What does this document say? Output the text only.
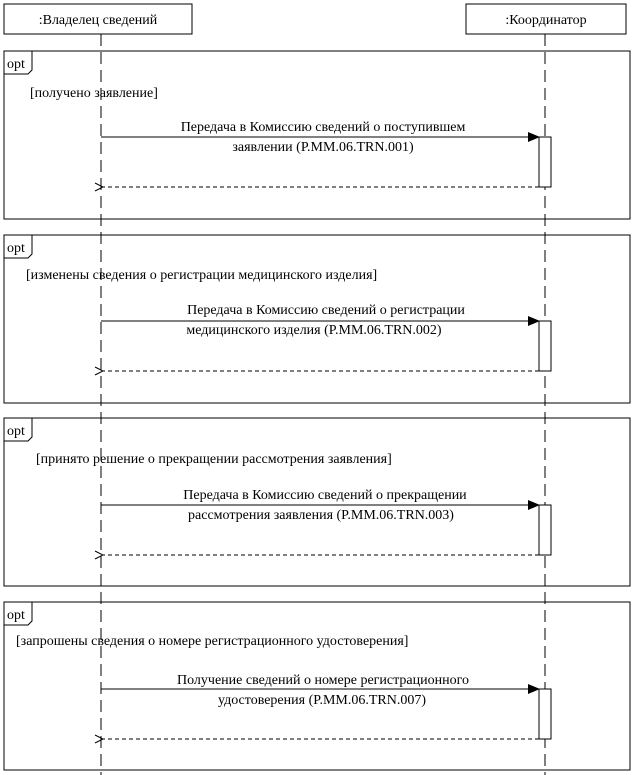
:Владелец сведений	:Координатор
opt
[получено заявление]
Передача в Комиссию сведений о поступившем
заявлении (P.MM.06.TRN.001)
opt
[изменены сведения о регистрации медицинского изделия]
Передача в Комиссию сведений о регистрации
медицинского изделия (P.MM.06.TRN.002)
opt
[принято решение о прекращении рассмотрения заявления]
Передача в Комиссию сведений о прекращении
рассмотрения заявления (P.MM.06.TRN.003)
opt
[запрошены сведения о номере регистрационного удостоверения]
Получение сведений о номере регистрационного
удостоверения (P.MM.06.TRN.007)
